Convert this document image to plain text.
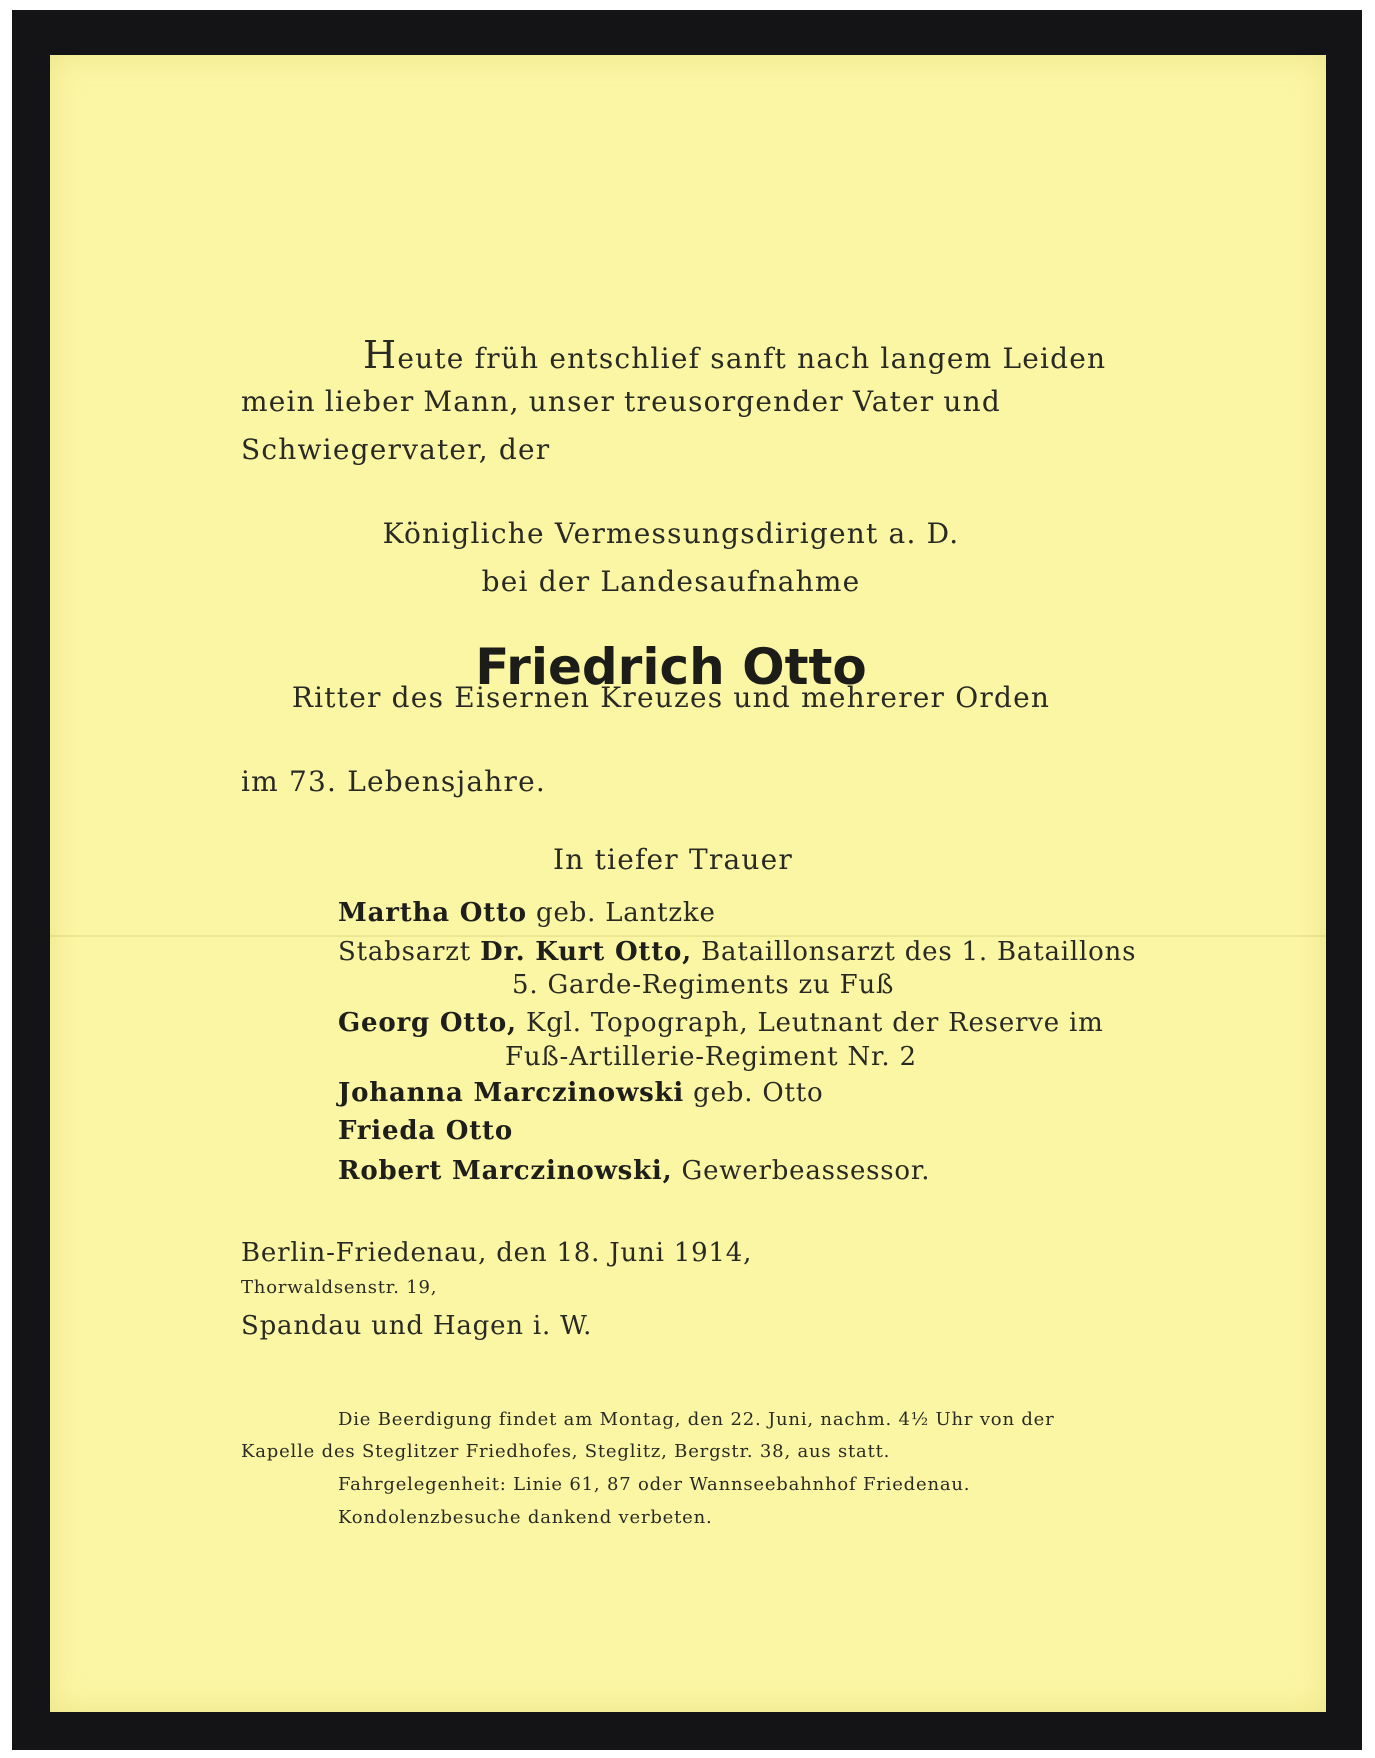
Heute früh entschlief sanft nach langem Leiden
mein lieber Mann, unser treusorgender Vater und
Schwiegervater, der
Königliche Vermessungsdirigent a. D.
bei der Landesaufnahme
Friedrich Otto
Ritter des Eisernen Kreuzes und mehrerer Orden
im 73. Lebensjahre.
In tiefer Trauer
Martha Otto geb. Lantzke
Stabsarzt Dr. Kurt Otto, Bataillonsarzt des 1. Bataillons
5. Garde-Regiments zu Fuß
Georg Otto, Kgl. Topograph, Leutnant der Reserve im
Fuß-Artillerie-Regiment Nr. 2
Johanna Marczinowski geb. Otto
Frieda Otto
Robert Marczinowski, Gewerbeassessor.
Berlin-Friedenau, den 18. Juni 1914,
Thorwaldsenstr. 19,
Spandau und Hagen i. W.
Die Beerdigung findet am Montag, den 22. Juni, nachm. 4½ Uhr von der
Kapelle des Steglitzer Friedhofes, Steglitz, Bergstr. 38, aus statt.
Fahrgelegenheit: Linie 61, 87 oder Wannseebahnhof Friedenau.
Kondolenzbesuche dankend verbeten.
